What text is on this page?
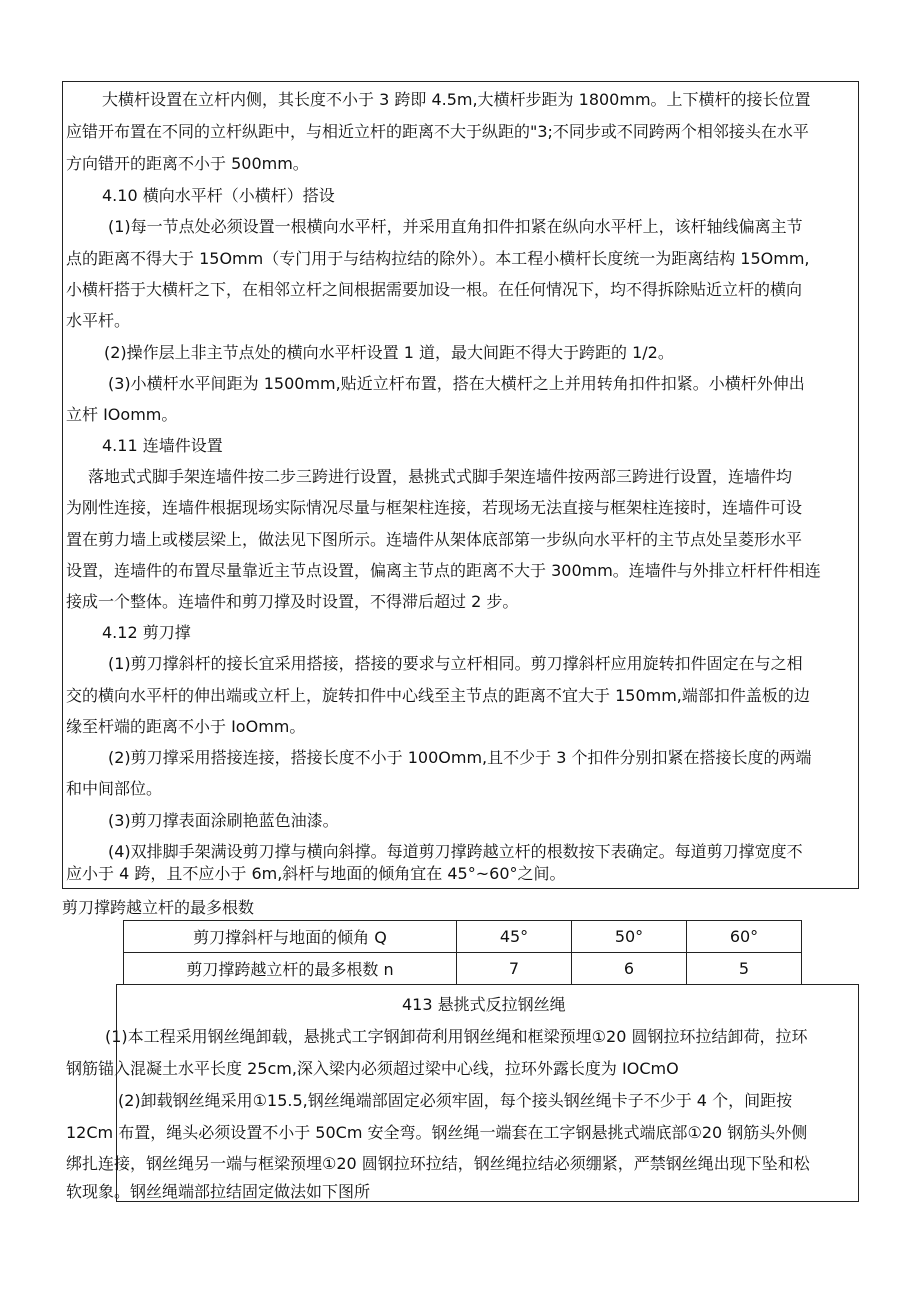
大横杆设置在立杆内侧，其长度不小于 3 跨即 4.5m,大横杆步距为 1800mm。上下横杆的接长位置
应错开布置在不同的立杆纵距中，与相近立杆的距离不大于纵距的"3;不同步或不同跨两个相邻接头在水平
方向错开的距离不小于 500mm。
4.10 横向水平杆（小横杆）搭设
(1)每一节点处必须设置一根横向水平杆，并采用直角扣件扣紧在纵向水平杆上，该杆轴线偏离主节
点的距离不得大于 15Omm（专门用于与结构拉结的除外）。本工程小横杆长度统一为距离结构 15Omm,
小横杆搭于大横杆之下，在相邻立杆之间根据需要加设一根。在任何情况下，均不得拆除贴近立杆的横向
水平杆。
(2)操作层上非主节点处的横向水平杆设置 1 道，最大间距不得大于跨距的 1/2。
(3)小横杆水平间距为 1500mm,贴近立杆布置，搭在大横杆之上并用转角扣件扣紧。小横杆外伸出
立杆 IOomm。
4.11 连墙件设置
落地式式脚手架连墙件按二步三跨进行设置，悬挑式式脚手架连墙件按两部三跨进行设置，连墙件均
为刚性连接，连墙件根据现场实际情况尽量与框架柱连接，若现场无法直接与框架柱连接时，连墙件可设
置在剪力墙上或楼层梁上，做法见下图所示。连墙件从架体底部第一步纵向水平杆的主节点处呈菱形水平
设置，连墙件的布置尽量靠近主节点设置，偏离主节点的距离不大于 300mm。连墙件与外排立杆杆件相连
接成一个整体。连墙件和剪刀撑及时设置，不得滞后超过 2 步。
4.12 剪刀撑
(1)剪刀撑斜杆的接长宜采用搭接，搭接的要求与立杆相同。剪刀撑斜杆应用旋转扣件固定在与之相
交的横向水平杆的伸出端或立杆上，旋转扣件中心线至主节点的距离不宜大于 150mm,端部扣件盖板的边
缘至杆端的距离不小于 IoOmm。
(2)剪刀撑采用搭接连接，搭接长度不小于 100Omm,且不少于 3 个扣件分别扣紧在搭接长度的两端
和中间部位。
(3)剪刀撑表面涂刷艳蓝色油漆。
(4)双排脚手架满设剪刀撑与横向斜撑。每道剪刀撑跨越立杆的根数按下表确定。每道剪刀撑宽度不
应小于 4 跨，且不应小于 6m,斜杆与地面的倾角宜在 45°~60°之间。
剪刀撑跨越立杆的最多根数
剪刀撑斜杆与地面的倾角 Q	45°	50°	60°
剪刀撑跨越立杆的最多根数 n	7	6	5
413 悬挑式反拉钢丝绳
(1)本工程采用钢丝绳卸载，悬挑式工字钢卸荷利用钢丝绳和框梁预埋①20 圆钢拉环拉结卸荷，拉环
钢筋锚入混凝土水平长度 25cm,深入梁内必须超过梁中心线，拉环外露长度为 IOCmO
(2)卸载钢丝绳采用①15.5,钢丝绳端部固定必须牢固，每个接头钢丝绳卡子不少于 4 个，间距按
12Cm 布置，绳头必须设置不小于 50Cm 安全弯。钢丝绳一端套在工字钢悬挑式端底部①20 钢筋头外侧
绑扎连接，钢丝绳另一端与框梁预埋①20 圆钢拉环拉结，钢丝绳拉结必须绷紧，严禁钢丝绳出现下坠和松
软现象。钢丝绳端部拉结固定做法如下图所
